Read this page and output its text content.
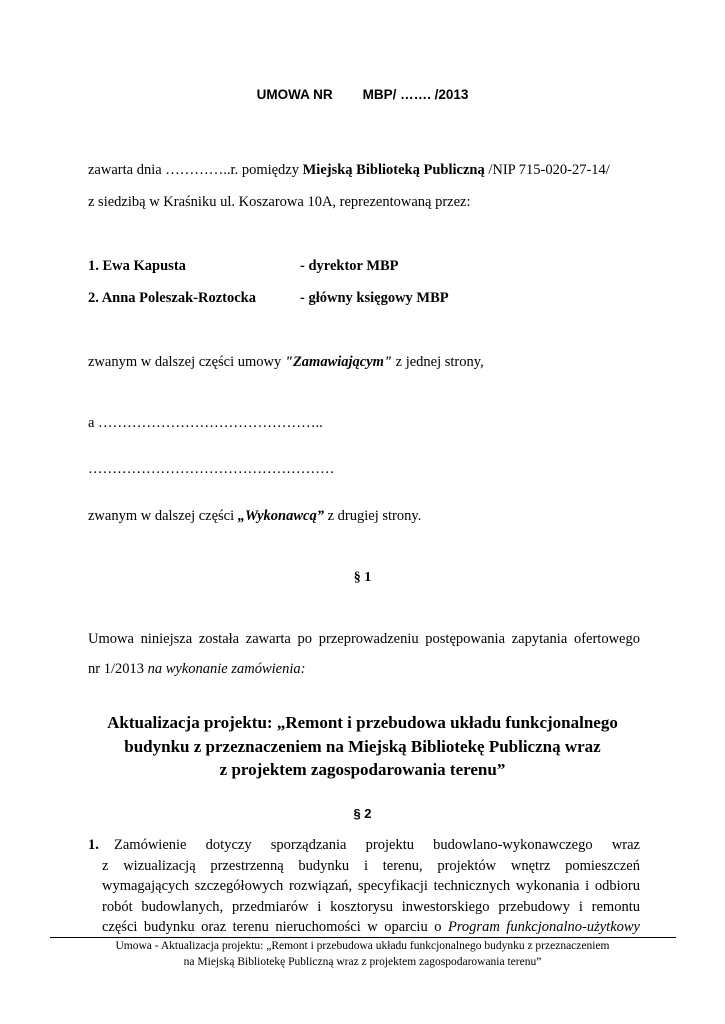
UMOWA NR MBP/ ……. /2013
zawarta dnia …………..r. pomiędzy Miejską Biblioteką Publiczną /NIP 715-020-27-14/
z siedzibą w Kraśniku ul. Koszarowa 10A, reprezentowaną przez:
1. Ewa Kapusta	- dyrektor MBP
2. Anna Poleszak-Roztocka	- główny księgowy MBP
zwanym w dalszej części umowy "Zamawiającym" z jednej strony,
a ………………………………………..
……………………………………………
zwanym w dalszej części „Wykonawcą” z drugiej strony.
§ 1
Umowa niniejsza została zawarta po przeprowadzeniu postępowania zapytania ofertowego
nr 1/2013 na wykonanie zamówienia:
Aktualizacja projektu: „Remont i przebudowa układu funkcjonalnego
budynku z przeznaczeniem na Miejską Bibliotekę Publiczną wraz
z projektem zagospodarowania terenu”
§ 2
1. Zamówienie dotyczy sporządzania projektu budowlano-wykonawczego wraz
z wizualizacją przestrzenną budynku i terenu, projektów wnętrz pomieszczeń
wymagających szczegółowych rozwiązań, specyfikacji technicznych wykonania i odbioru
robót budowlanych, przedmiarów i kosztorysu inwestorskiego przebudowy i remontu
części budynku oraz terenu nieruchomości w oparciu o Program funkcjonalno-użytkowy
Umowa - Aktualizacja projektu: „Remont i przebudowa układu funkcjonalnego budynku z przeznaczeniem
na Miejską Bibliotekę Publiczną wraz z projektem zagospodarowania terenu”
